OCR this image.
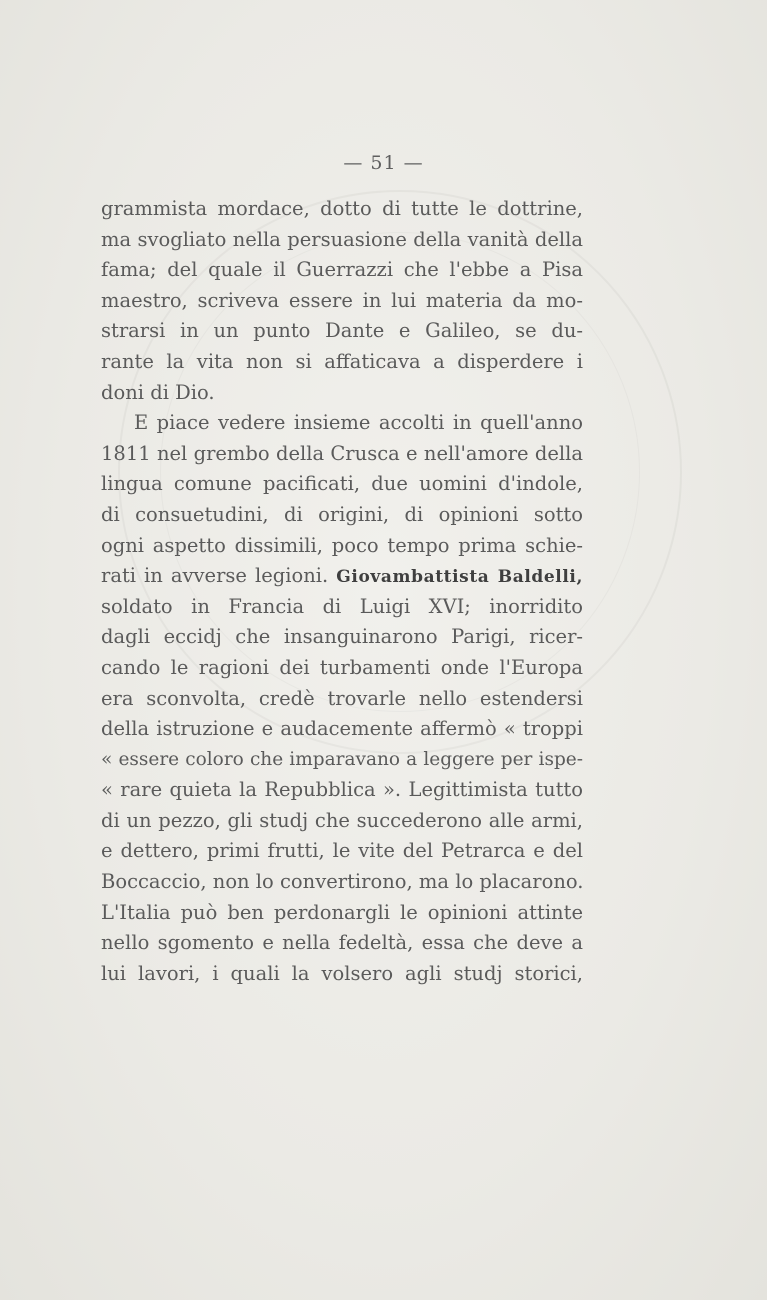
— 51 —
grammista mordace, dotto di tutte le dottrine,
ma svogliato nella persuasione della vanità della
fama; del quale il Guerrazzi che l'ebbe a Pisa
maestro, scriveva essere in lui materia da mo-
strarsi in un punto Dante e Galileo, se du-
rante la vita non si affaticava a disperdere i
doni di Dio.
E piace vedere insieme accolti in quell'anno
1811 nel grembo della Crusca e nell'amore della
lingua comune pacificati, due uomini d'indole,
di consuetudini, di origini, di opinioni sotto
ogni aspetto dissimili, poco tempo prima schie-
rati in avverse legioni. Giovambattista Baldelli,
soldato in Francia di Luigi XVI; inorridito
dagli eccidj che insanguinarono Parigi, ricer-
cando le ragioni dei turbamenti onde l'Europa
era sconvolta, credè trovarle nello estendersi
della istruzione e audacemente affermò « troppi
« essere coloro che imparavano a leggere per ispe-
« rare quieta la Repubblica ». Legittimista tutto
di un pezzo, gli studj che succederono alle armi,
e dettero, primi frutti, le vite del Petrarca e del
Boccaccio, non lo convertirono, ma lo placarono.
L'Italia può ben perdonargli le opinioni attinte
nello sgomento e nella fedeltà, essa che deve a
lui lavori, i quali la volsero agli studj storici,
